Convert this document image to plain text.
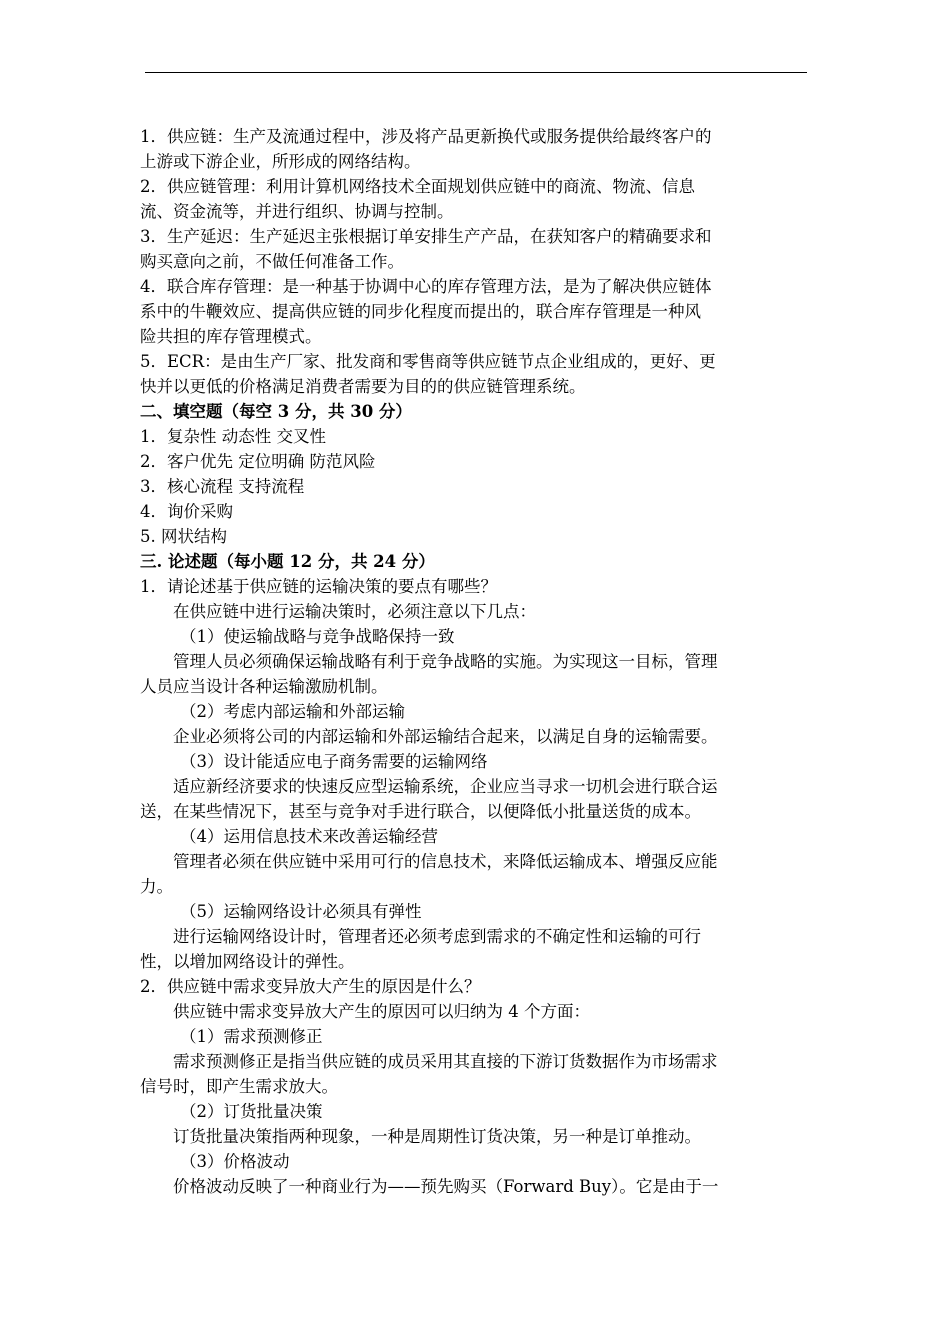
1．供应链：生产及流通过程中，涉及将产品更新换代或服务提供给最终客户的
上游或下游企业，所形成的网络结构。
2．供应链管理：利用计算机网络技术全面规划供应链中的商流、物流、信息
流、资金流等，并进行组织、协调与控制。
3．生产延迟：生产延迟主张根据订单安排生产产品，在获知客户的精确要求和
购买意向之前，不做任何准备工作。
4．联合库存管理：是一种基于协调中心的库存管理方法，是为了解决供应链体
系中的牛鞭效应、提高供应链的同步化程度而提出的，联合库存管理是一种风
险共担的库存管理模式。
5．ECR：是由生产厂家、批发商和零售商等供应链节点企业组成的，更好、更
快并以更低的价格满足消费者需要为目的的供应链管理系统。
二、填空题（每空 3 分，共 30 分）
1．复杂性 动态性 交叉性
2．客户优先 定位明确 防范风险
3．核心流程 支持流程
4．询价采购
5. 网状结构
三. 论述题（每小题 12 分，共 24 分）
1．请论述基于供应链的运输决策的要点有哪些？
在供应链中进行运输决策时，必须注意以下几点：
（1）使运输战略与竞争战略保持一致
管理人员必须确保运输战略有利于竞争战略的实施。为实现这一目标，管理
人员应当设计各种运输激励机制。
（2）考虑内部运输和外部运输
企业必须将公司的内部运输和外部运输结合起来，以满足自身的运输需要。
（3）设计能适应电子商务需要的运输网络
适应新经济要求的快速反应型运输系统，企业应当寻求一切机会进行联合运
送，在某些情况下，甚至与竞争对手进行联合，以便降低小批量送货的成本。
（4）运用信息技术来改善运输经营
管理者必须在供应链中采用可行的信息技术，来降低运输成本、增强反应能
力。
（5）运输网络设计必须具有弹性
进行运输网络设计时，管理者还必须考虑到需求的不确定性和运输的可行
性，以增加网络设计的弹性。
2．供应链中需求变异放大产生的原因是什么？
供应链中需求变异放大产生的原因可以归纳为 4 个方面：
（1）需求预测修正
需求预测修正是指当供应链的成员采用其直接的下游订货数据作为市场需求
信号时，即产生需求放大。
（2）订货批量决策
订货批量决策指两种现象，一种是周期性订货决策，另一种是订单推动。
（3）价格波动
价格波动反映了一种商业行为——预先购买（Forward Buy）。它是由于一
